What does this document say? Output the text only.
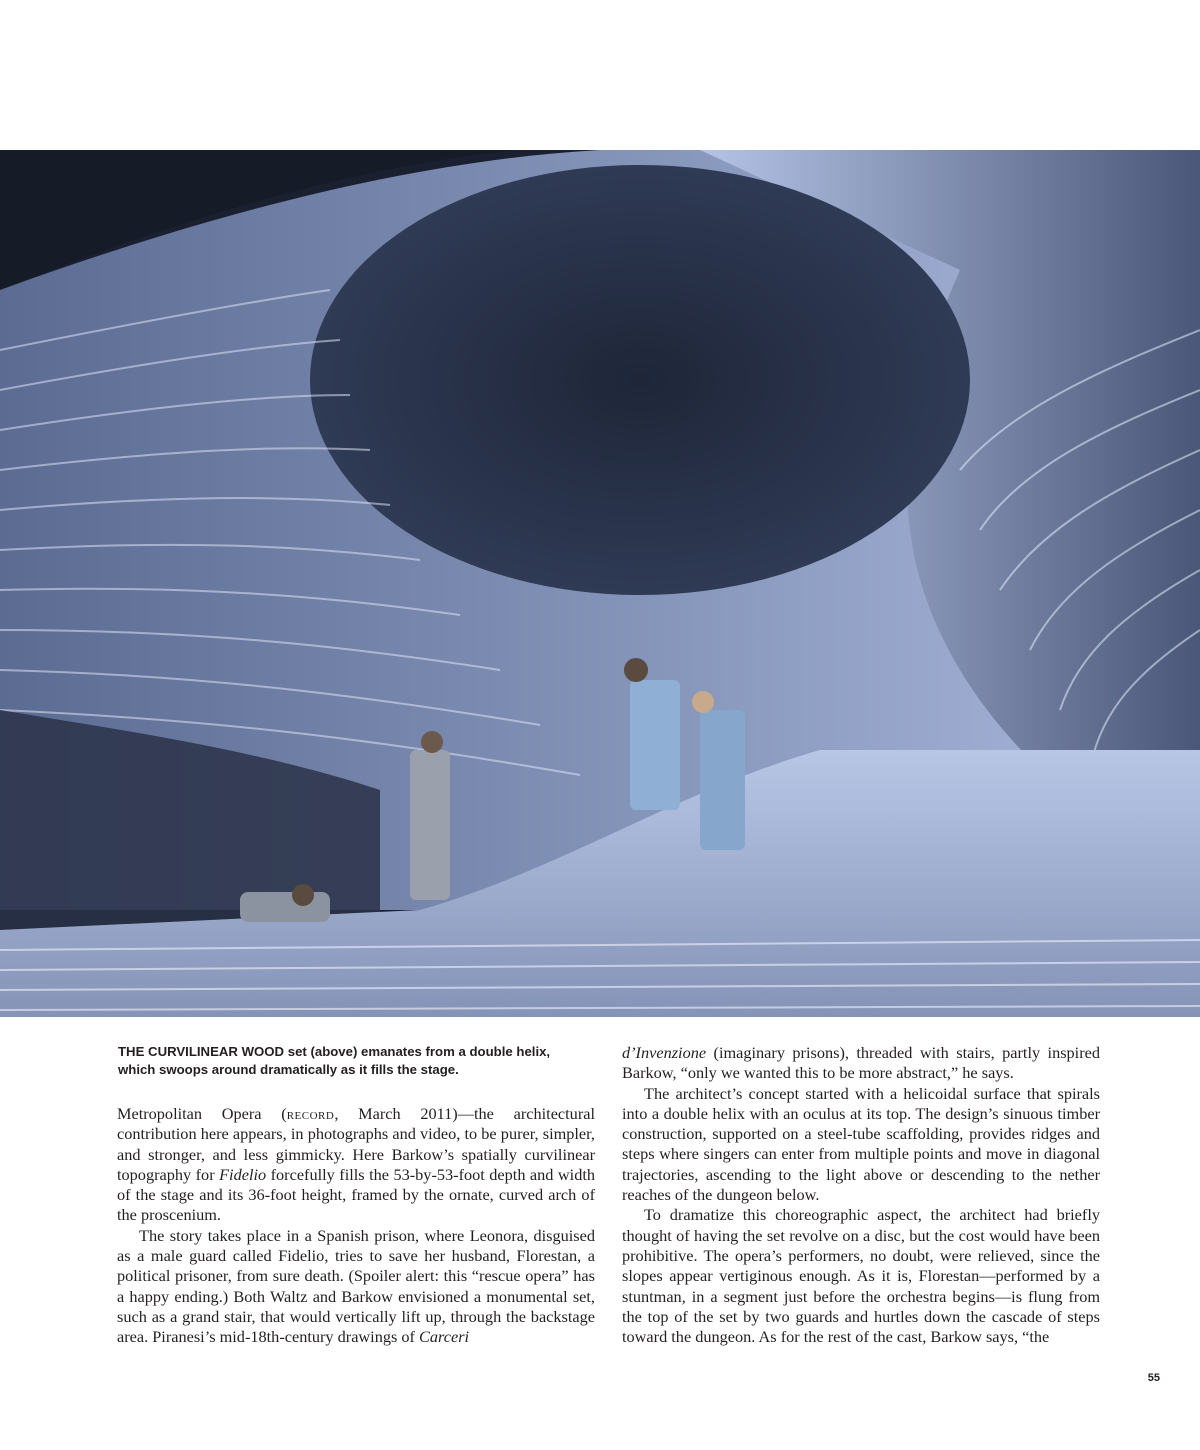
THE CURVILINEAR WOOD set (above) emanates from a double helix, which swoops around dramatically as it fills the stage.

Metropolitan Opera (record, March 2011)—the architectural contribution here appears, in photographs and video, to be purer, simpler, and stronger, and less gimmicky. Here Barkow’s spatially curvilinear topography for Fidelio forcefully fills the 53-by-53-foot depth and width of the stage and its 36-foot height, framed by the ornate, curved arch of the proscenium.

The story takes place in a Spanish prison, where Leonora, disguised as a male guard called Fidelio, tries to save her husband, Florestan, a political prisoner, from sure death. (Spoiler alert: this “rescue opera” has a happy ending.) Both Waltz and Barkow envisioned a monumental set, such as a grand stair, that would vertically lift up, through the backstage area. Piranesi’s mid-18th-century drawings of Carceri

d’Invenzione (imaginary prisons), threaded with stairs, partly inspired Barkow, “only we wanted this to be more abstract,” he says.

The architect’s concept started with a helicoidal surface that spirals into a double helix with an oculus at its top. The design’s sinuous timber construction, supported on a steel-tube scaffolding, provides ridges and steps where singers can enter from multiple points and move in diagonal trajectories, ascending to the light above or descending to the nether reaches of the dungeon below.

To dramatize this choreographic aspect, the architect had briefly thought of having the set revolve on a disc, but the cost would have been prohibitive. The opera’s performers, no doubt, were relieved, since the slopes appear vertiginous enough. As it is, Florestan—performed by a stuntman, in a segment just before the orchestra begins—is flung from the top of the set by two guards and hurtles down the cascade of steps toward the dungeon. As for the rest of the cast, Barkow says, “the

55
